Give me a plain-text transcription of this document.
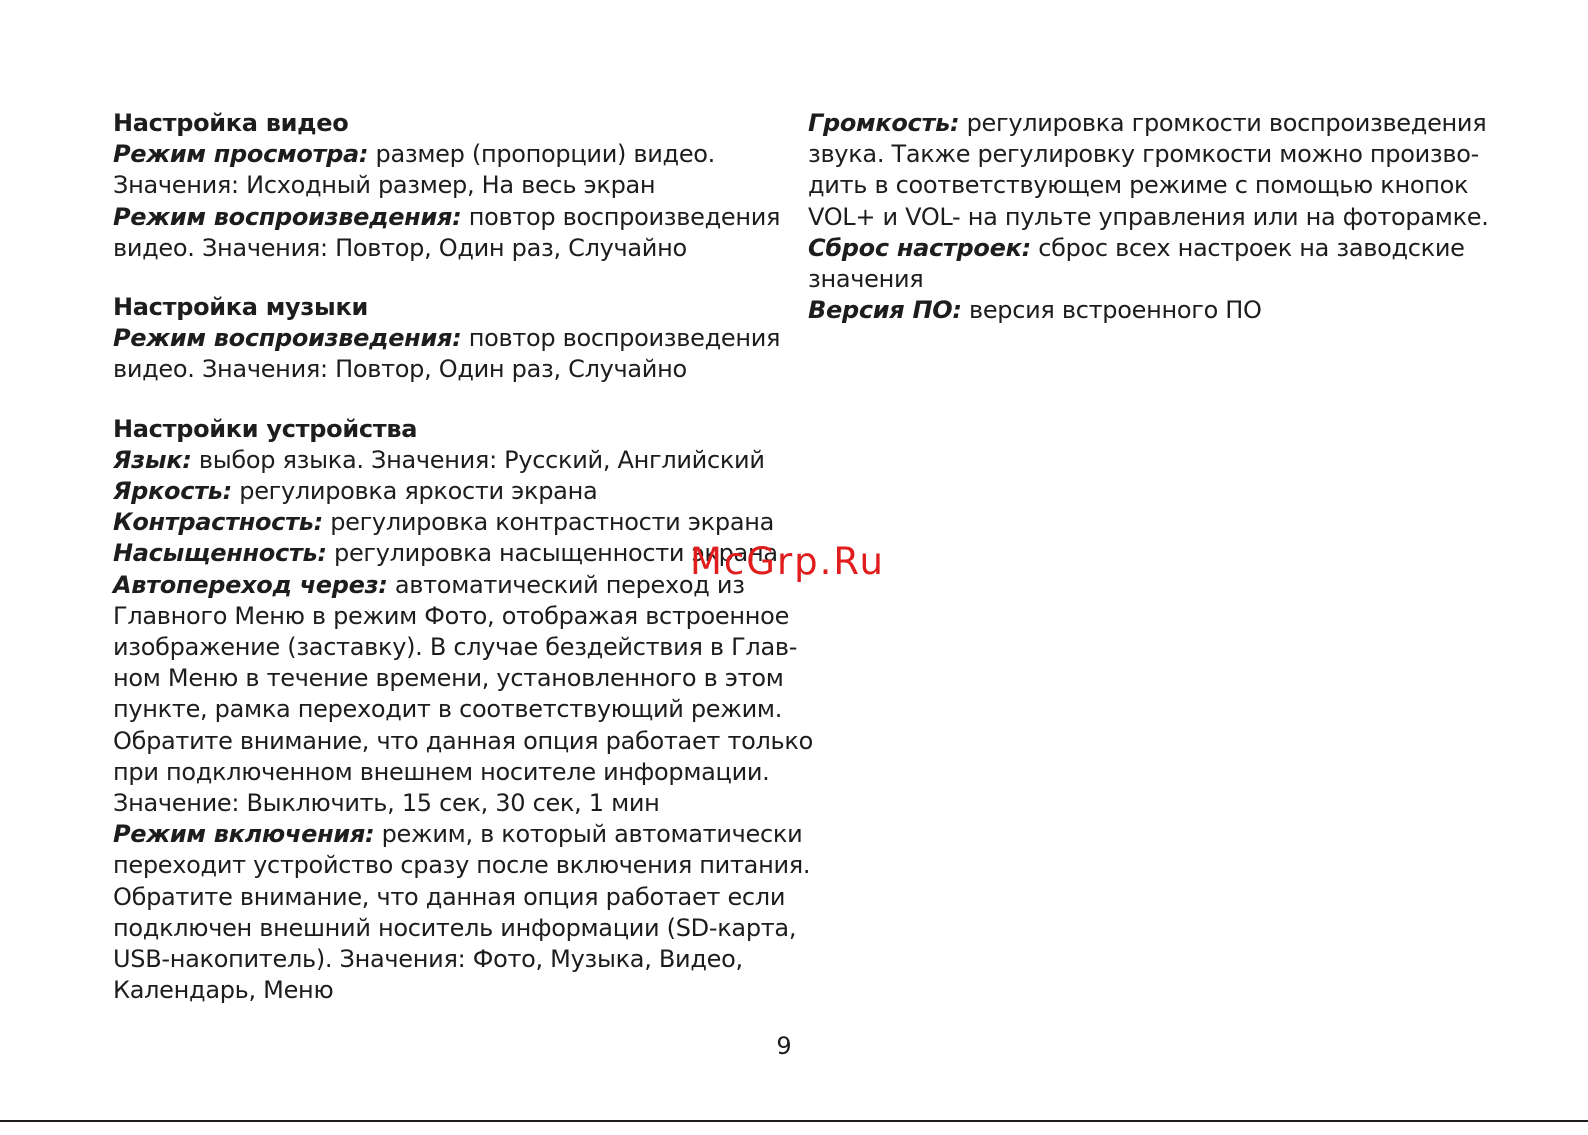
Настройка видео

Режим просмотра: размер (пропорции) видео.
Значения: Исходный размер, На весь экран

Режим воспроизведения: повтор воспроизведения
видео. Значения: Повтор, Один раз, Случайно

Настройка музыки

Режим воспроизведения: повтор воспроизведения
видео. Значения: Повтор, Один раз, Случайно

Настройки устройства

Язык: выбор языка. Значения: Русский, Английский

Яркость: регулировка яркости экрана

Контрастность: регулировка контрастности экрана

Насыщенность: регулировка насыщенности экрана

Автопереход через: автоматический переход из
Главного Меню в режим Фото, отображая встроенное
изображение (заставку). В случае бездействия в Глав-
ном Меню в течение времени, установленного в этом
пункте, рамка переходит в соответствующий режим.
Обратите внимание, что данная опция работает только
при подключенном внешнем носителе информации.
Значение: Выключить, 15 сек, 30 сек, 1 мин

Режим включения: режим, в который автоматически
переходит устройство сразу после включения питания.
Обратите внимание, что данная опция работает если
подключен внешний носитель информации (SD-карта,
USB-накопитель). Значения: Фото, Музыка, Видео,
Календарь, Меню

Громкость: регулировка громкости воспроизведения
звука. Также регулировку громкости можно произво-
дить в соответствующем режиме с помощью кнопок
VOL+ и VOL- на пульте управления или на фоторамке.

Сброс настроек: сброс всех настроек на заводские
значения

Версия ПО: версия встроенного ПО

McGrp.Ru
9
